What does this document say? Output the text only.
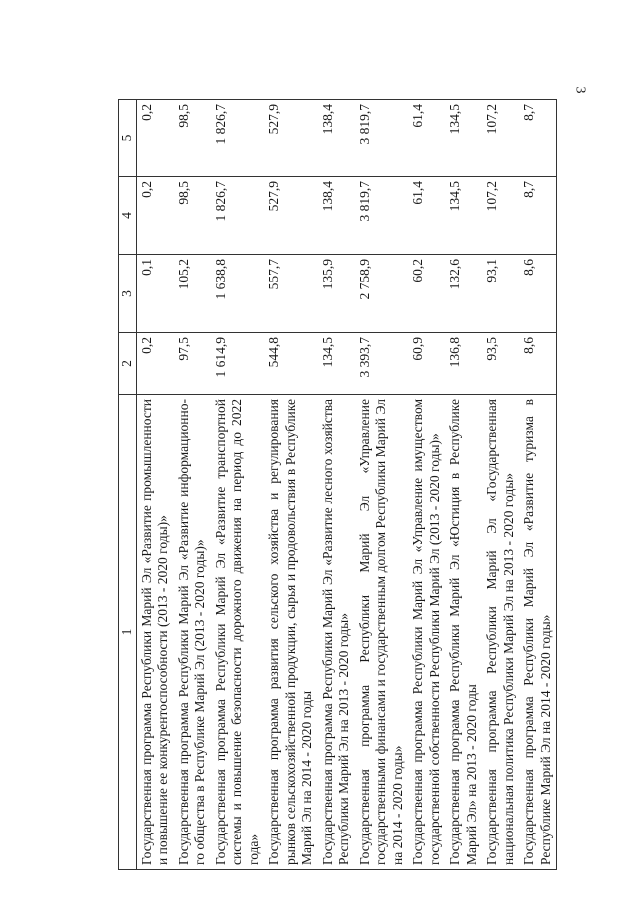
3
1	2	3	4	5
Государственная программа Республики Марий Эл «Развитие промышленности и повышение ее конкурентоспособности (2013 - 2020 годы)»	0,2	0,1	0,2	0,2
Государственная программа Республики Марий Эл «Развитие информационно-го общества в Республике Марий Эл (2013 - 2020 годы)»	97,5	105,2	98,5	98,5
Государственная программа Республики Марий Эл «Развитие транспортной системы и повышение безопасности дорожного движения на период до 2022 года»	1 614,9	1 638,8	1 826,7	1 826,7
Государственная программа развития сельского хозяйства и регулирования рынков сельскохозяйственной продукции, сырья и продовольствия в Республике Марий Эл на 2014 - 2020 годы	544,8	557,7	527,9	527,9
Государственная программа Республики Марий Эл «Развитие лесного хозяйства Республики Марий Эл на 2013 - 2020 годы»	134,5	135,9	138,4	138,4
Государственная программа Республики Марий Эл «Управление государственными финансами и государственным долгом Республики Марий Эл на 2014 - 2020 годы»	3 393,7	2 758,9	3 819,7	3 819,7
Государственная программа Республики Марий Эл «Управление имуществом государственной собственности Республики Марий Эл (2013 - 2020 годы)»	60,9	60,2	61,4	61,4
Государственная программа Республики Марий Эл «Юстиция в Республике Марий Эл» на 2013 - 2020 годы	136,8	132,6	134,5	134,5
Государственная программа Республики Марий Эл «Государственная национальная политика Республики Марий Эл на 2013 - 2020 годы»	93,5	93,1	107,2	107,2
Государственная программа Республики Марий Эл «Развитие туризма в Республике Марий Эл на 2014 - 2020 годы»	8,6	8,6	8,7	8,7
